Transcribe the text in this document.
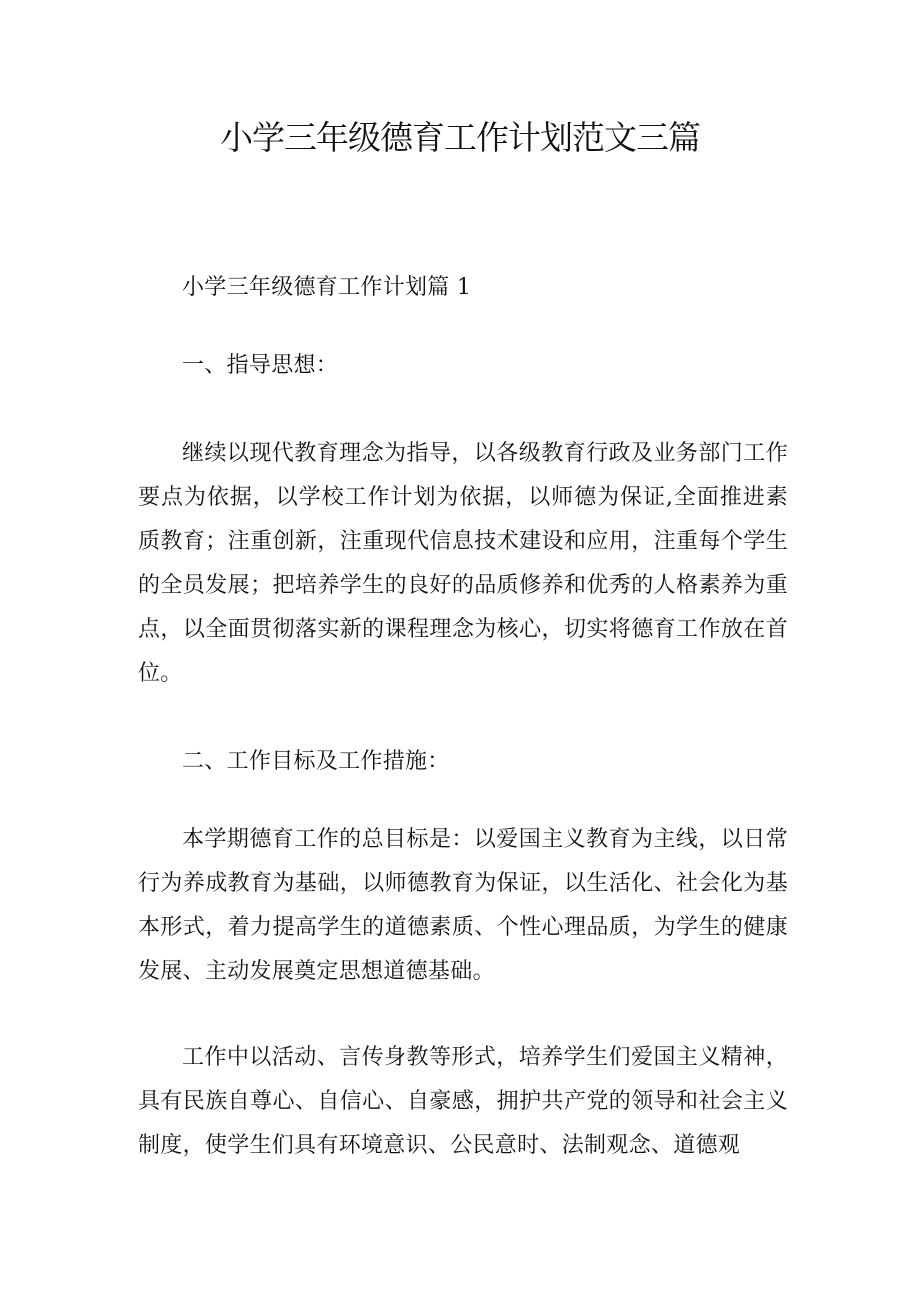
小学三年级德育工作计划范文三篇

小学三年级德育工作计划篇 1

一、指导思想：

继续以现代教育理念为指导，以各级教育行政及业务部门工作要点为依据，以学校工作计划为依据，以师德为保证,全面推进素质教育；注重创新，注重现代信息技术建设和应用，注重每个学生的全员发展；把培养学生的良好的品质修养和优秀的人格素养为重点，以全面贯彻落实新的课程理念为核心，切实将德育工作放在首位。

二、工作目标及工作措施：

本学期德育工作的总目标是：以爱国主义教育为主线，以日常行为养成教育为基础，以师德教育为保证，以生活化、社会化为基本形式，着力提高学生的道德素质、个性心理品质，为学生的健康发展、主动发展奠定思想道德基础。

工作中以活动、言传身教等形式，培养学生们爱国主义精神，具有民族自尊心、自信心、自豪感，拥护共产党的领导和社会主义制度，使学生们具有环境意识、公民意时、法制观念、道德观
